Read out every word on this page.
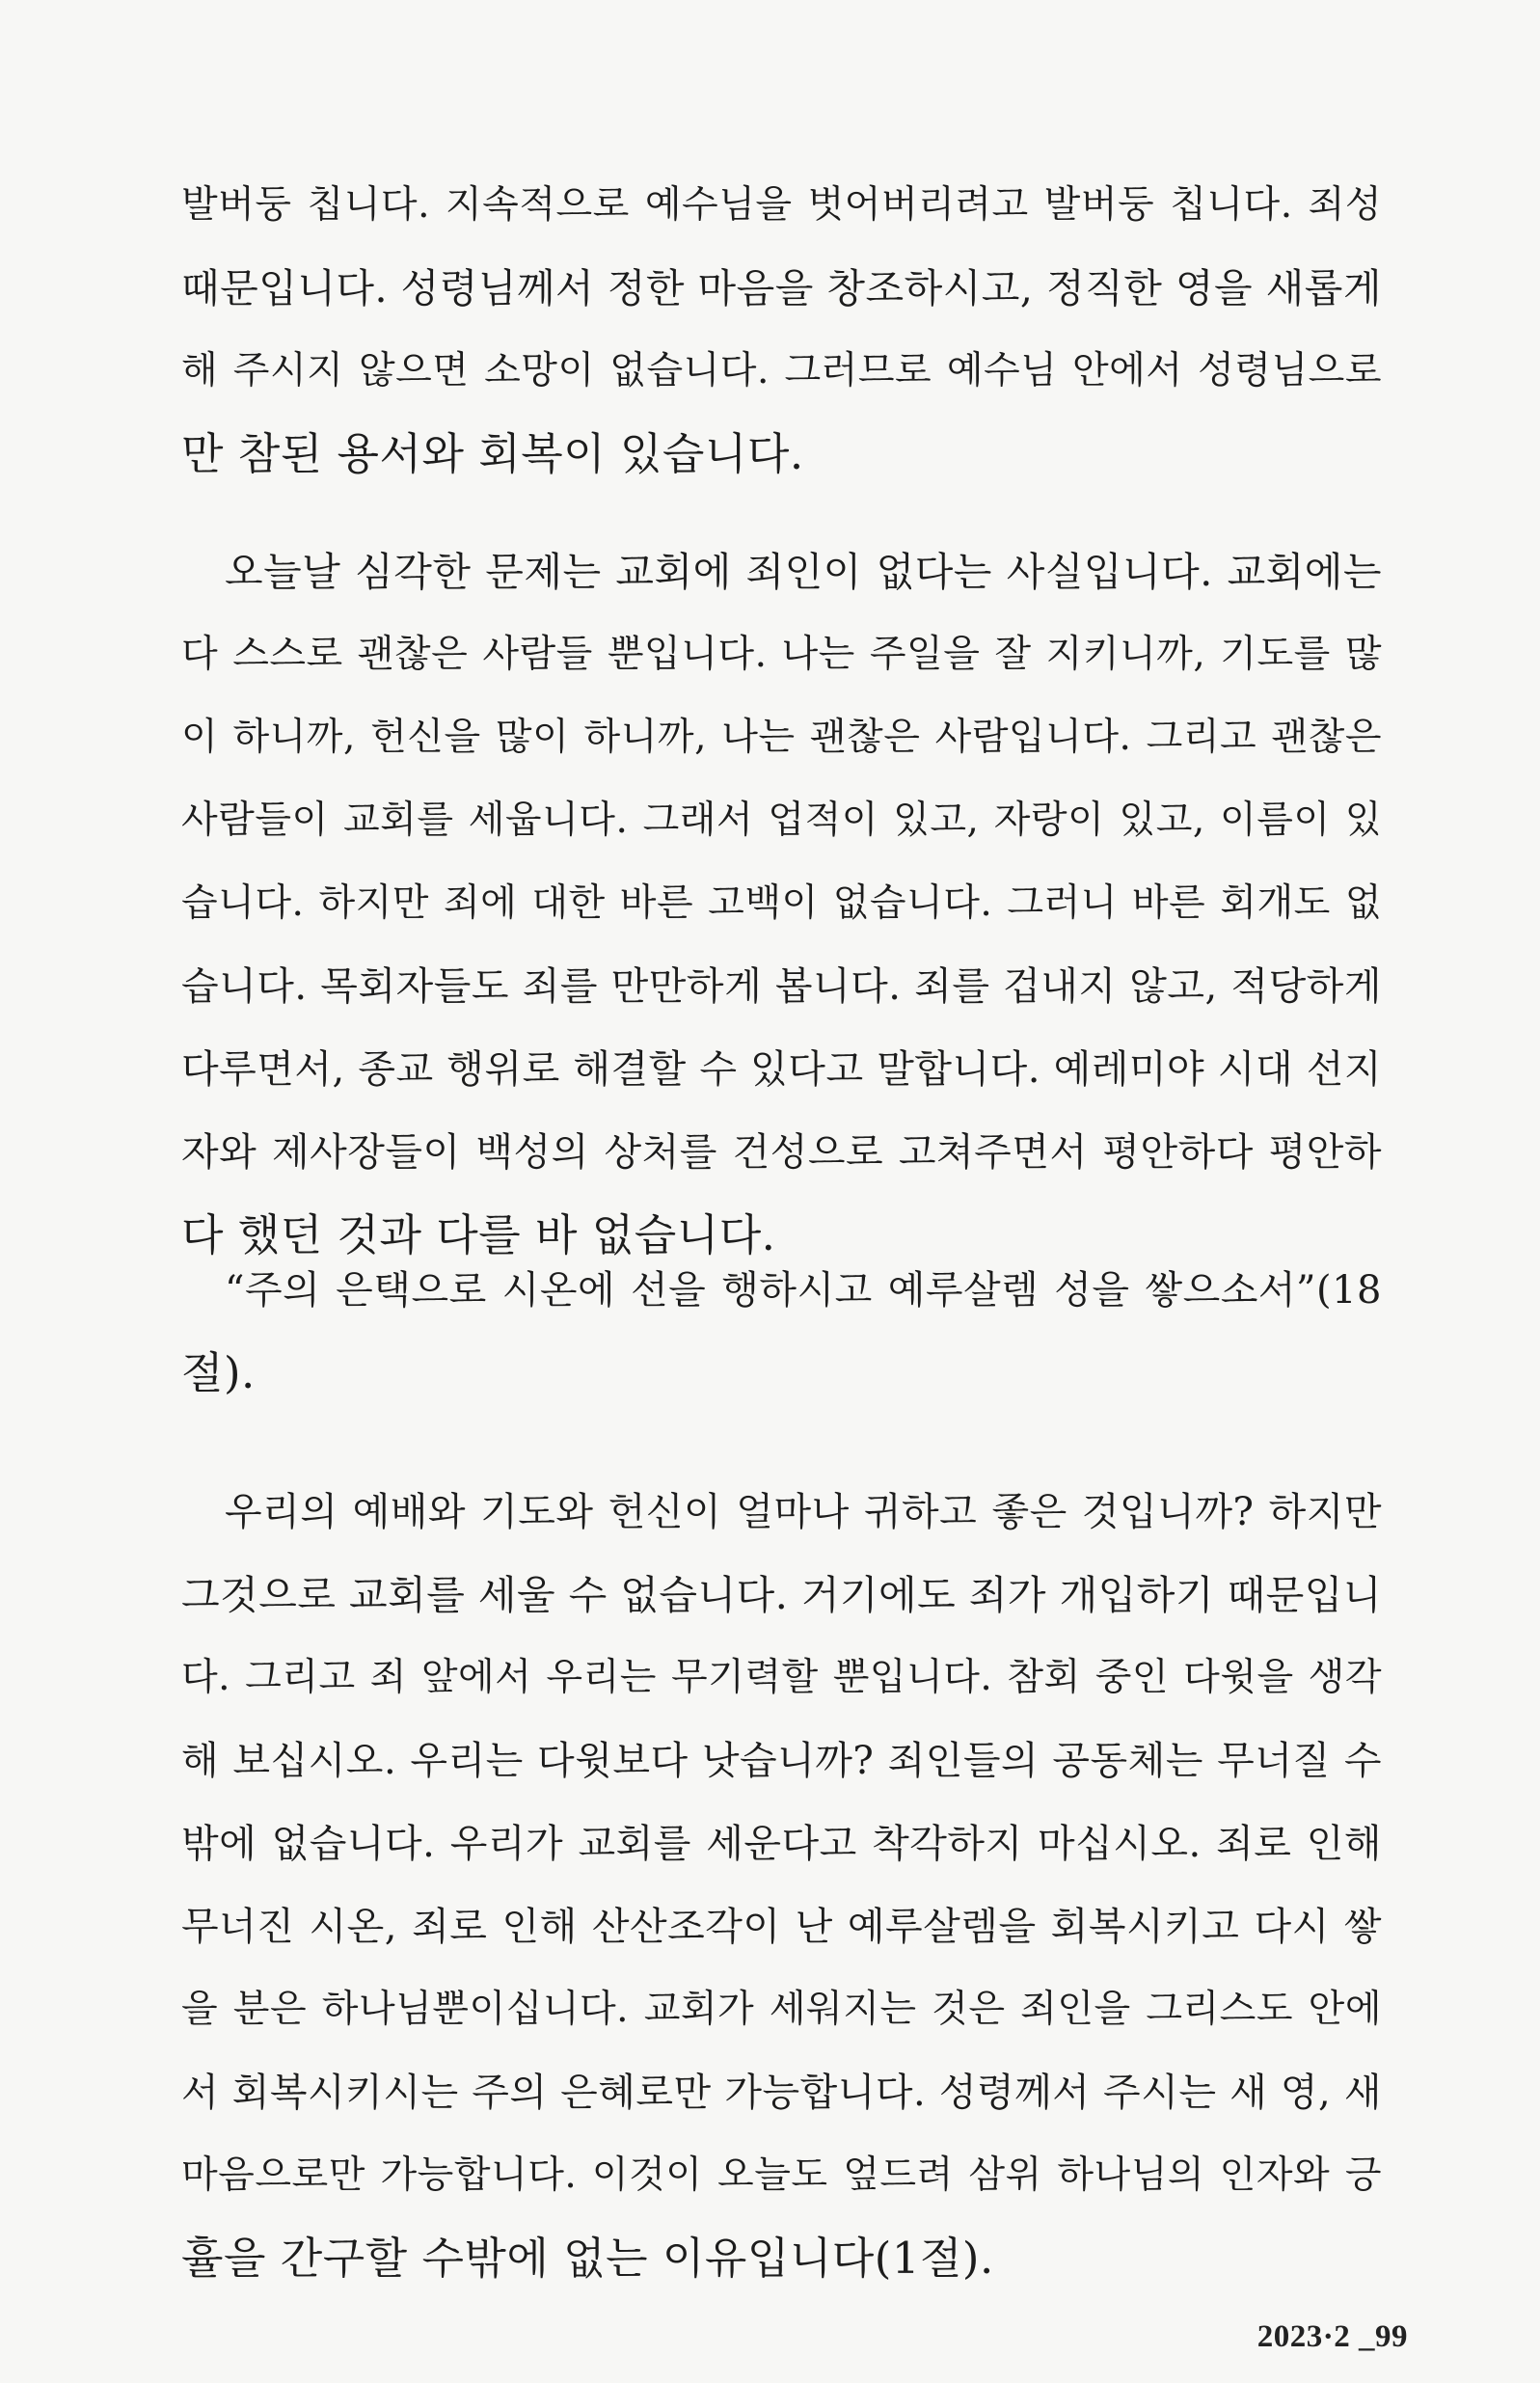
발버둥 칩니다. 지속적으로 예수님을 벗어버리려고 발버둥 칩니다. 죄성
때문입니다. 성령님께서 정한 마음을 창조하시고, 정직한 영을 새롭게
해 주시지 않으면 소망이 없습니다. 그러므로 예수님 안에서 성령님으로
만 참된 용서와 회복이 있습니다.
오늘날 심각한 문제는 교회에 죄인이 없다는 사실입니다. 교회에는
다 스스로 괜찮은 사람들 뿐입니다. 나는 주일을 잘 지키니까, 기도를 많
이 하니까, 헌신을 많이 하니까, 나는 괜찮은 사람입니다. 그리고 괜찮은
사람들이 교회를 세웁니다. 그래서 업적이 있고, 자랑이 있고, 이름이 있
습니다. 하지만 죄에 대한 바른 고백이 없습니다. 그러니 바른 회개도 없
습니다. 목회자들도 죄를 만만하게 봅니다. 죄를 겁내지 않고, 적당하게
다루면서, 종교 행위로 해결할 수 있다고 말합니다. 예레미야 시대 선지
자와 제사장들이 백성의 상처를 건성으로 고쳐주면서 평안하다 평안하
다 했던 것과 다를 바 없습니다.
“주의 은택으로 시온에 선을 행하시고 예루살렘 성을 쌓으소서”(18
절).
우리의 예배와 기도와 헌신이 얼마나 귀하고 좋은 것입니까? 하지만
그것으로 교회를 세울 수 없습니다. 거기에도 죄가 개입하기 때문입니
다. 그리고 죄 앞에서 우리는 무기력할 뿐입니다. 참회 중인 다윗을 생각
해 보십시오. 우리는 다윗보다 낫습니까? 죄인들의 공동체는 무너질 수
밖에 없습니다. 우리가 교회를 세운다고 착각하지 마십시오. 죄로 인해
무너진 시온, 죄로 인해 산산조각이 난 예루살렘을 회복시키고 다시 쌓
을 분은 하나님뿐이십니다. 교회가 세워지는 것은 죄인을 그리스도 안에
서 회복시키시는 주의 은혜로만 가능합니다. 성령께서 주시는 새 영, 새
마음으로만 가능합니다. 이것이 오늘도 엎드려 삼위 하나님의 인자와 긍
휼을 간구할 수밖에 없는 이유입니다(1절).
2023·2 _99
